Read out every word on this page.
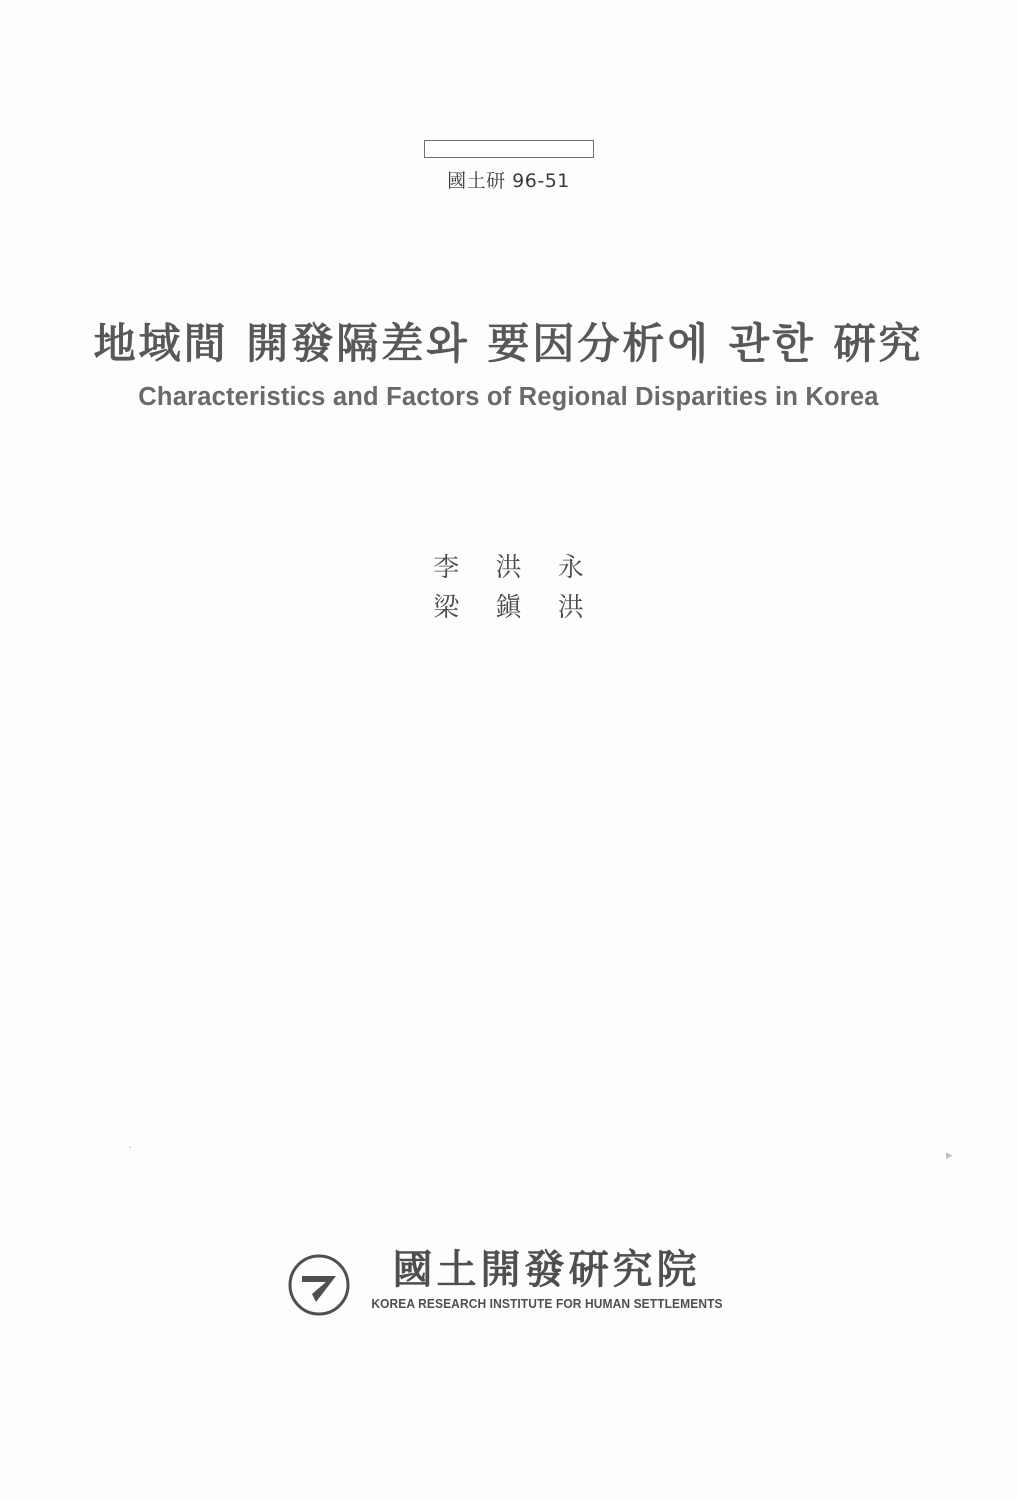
國土研 96-51
地域間 開發隔差와 要因分析에 관한 硏究
Characteristics and Factors of Regional Disparities in Korea
李 洪 永
梁 鎭 洪
·
▸
國土開發硏究院
KOREA RESEARCH INSTITUTE FOR HUMAN SETTLEMENTS
